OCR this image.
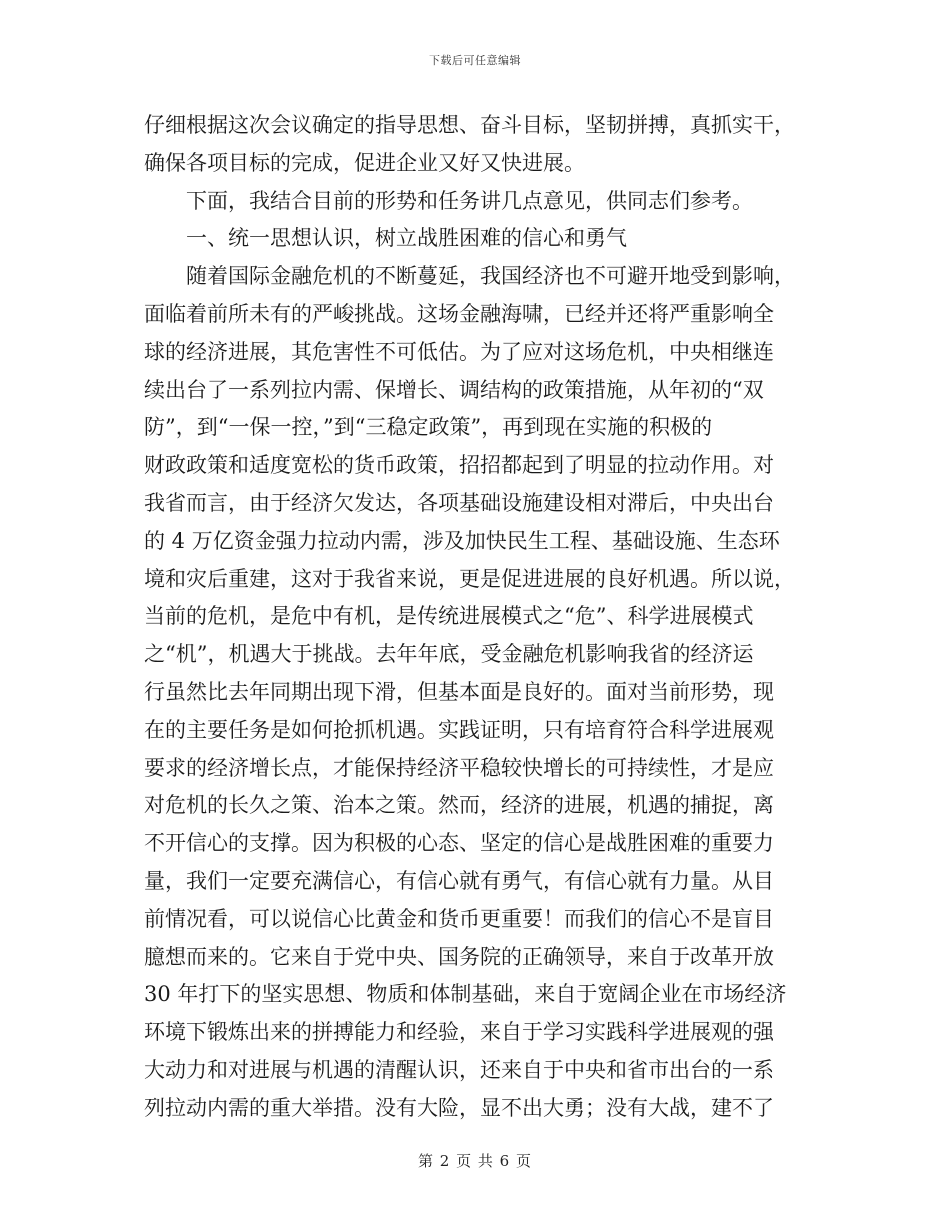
下载后可任意编辑
仔细根据这次会议确定的指导思想、奋斗目标，坚韧拼搏，真抓实干，
确保各项目标的完成，促进企业又好又快进展。
　　下面，我结合目前的形势和任务讲几点意见，供同志们参考。
　　一、统一思想认识，树立战胜困难的信心和勇气
　　随着国际金融危机的不断蔓延，我国经济也不可避开地受到影响，
面临着前所未有的严峻挑战。这场金融海啸，已经并还将严重影响全
球的经济进展，其危害性不可低估。为了应对这场危机，中央相继连
续出台了一系列拉内需、保增长、调结构的政策措施，从年初的“双
防”，到“一保一控，”到“三稳定政策”，再到现在实施的积极的
财政政策和适度宽松的货币政策，招招都起到了明显的拉动作用。对
我省而言，由于经济欠发达，各项基础设施建设相对滞后，中央出台
的 4 万亿资金强力拉动内需，涉及加快民生工程、基础设施、生态环
境和灾后重建，这对于我省来说，更是促进进展的良好机遇。所以说，
当前的危机，是危中有机，是传统进展模式之“危”、科学进展模式
之“机”，机遇大于挑战。去年年底，受金融危机影响我省的经济运
行虽然比去年同期出现下滑，但基本面是良好的。面对当前形势，现
在的主要任务是如何抢抓机遇。实践证明，只有培育符合科学进展观
要求的经济增长点，才能保持经济平稳较快增长的可持续性，才是应
对危机的长久之策、治本之策。然而，经济的进展，机遇的捕捉，离
不开信心的支撑。因为积极的心态、坚定的信心是战胜困难的重要力
量，我们一定要充满信心，有信心就有勇气，有信心就有力量。从目
前情况看，可以说信心比黄金和货币更重要！而我们的信心不是盲目
臆想而来的。它来自于党中央、国务院的正确领导，来自于改革开放
30 年打下的坚实思想、物质和体制基础，来自于宽阔企业在市场经济
环境下锻炼出来的拼搏能力和经验，来自于学习实践科学进展观的强
大动力和对进展与机遇的清醒认识，还来自于中央和省市出台的一系
列拉动内需的重大举措。没有大险，显不出大勇；没有大战，建不了
第 2 页 共 6 页
